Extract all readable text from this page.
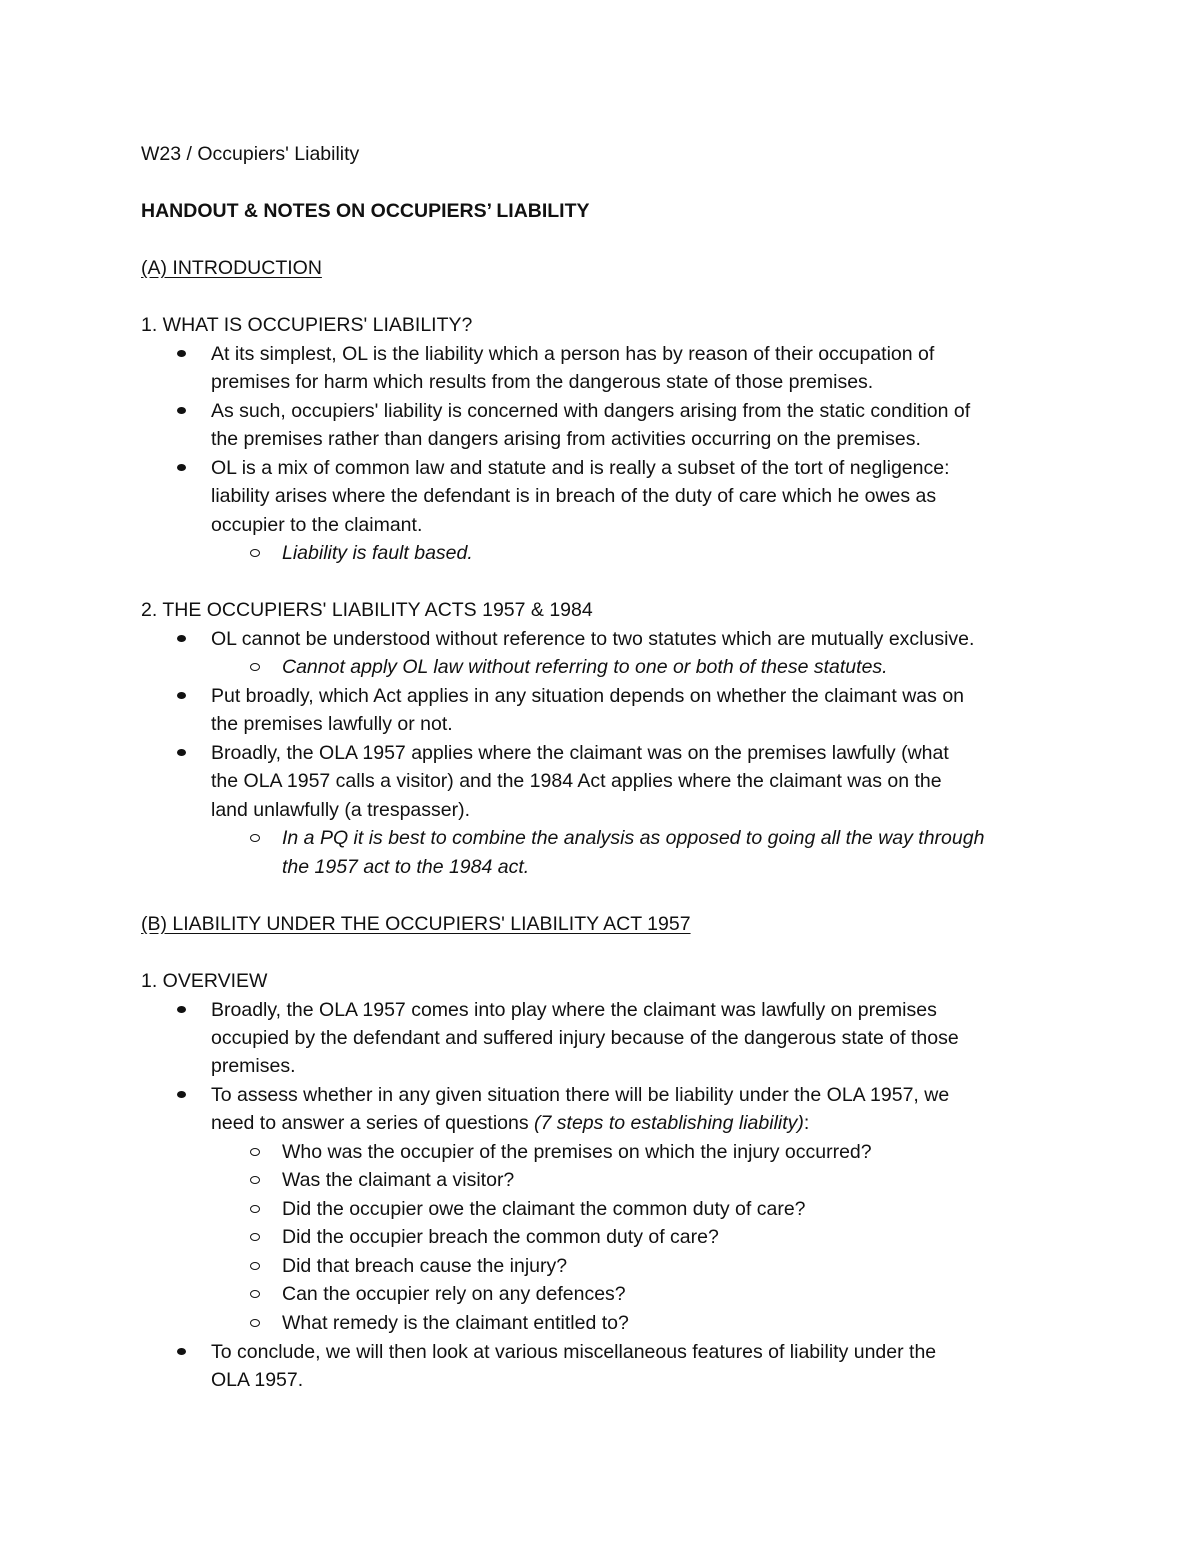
W23 / Occupiers' Liability

HANDOUT & NOTES ON OCCUPIERS’ LIABILITY

(A) INTRODUCTION

1. WHAT IS OCCUPIERS' LIABILITY?

At its simplest, OL is the liability which a person has by reason of their occupation of

premises for harm which results from the dangerous state of those premises.

As such, occupiers' liability is concerned with dangers arising from the static condition of

the premises rather than dangers arising from activities occurring on the premises.

OL is a mix of common law and statute and is really a subset of the tort of negligence:

liability arises where the defendant is in breach of the duty of care which he owes as

occupier to the claimant.

Liability is fault based.

2. THE OCCUPIERS' LIABILITY ACTS 1957 & 1984

OL cannot be understood without reference to two statutes which are mutually exclusive.

Cannot apply OL law without referring to one or both of these statutes.

Put broadly, which Act applies in any situation depends on whether the claimant was on

the premises lawfully or not.

Broadly, the OLA 1957 applies where the claimant was on the premises lawfully (what

the OLA 1957 calls a visitor) and the 1984 Act applies where the claimant was on the

land unlawfully (a trespasser).

In a PQ it is best to combine the analysis as opposed to going all the way through

the 1957 act to the 1984 act.

(B) LIABILITY UNDER THE OCCUPIERS' LIABILITY ACT 1957

1. OVERVIEW

Broadly, the OLA 1957 comes into play where the claimant was lawfully on premises

occupied by the defendant and suffered injury because of the dangerous state of those

premises.

To assess whether in any given situation there will be liability under the OLA 1957, we

need to answer a series of questions (7 steps to establishing liability):

Who was the occupier of the premises on which the injury occurred?

Was the claimant a visitor?

Did the occupier owe the claimant the common duty of care?

Did the occupier breach the common duty of care?

Did that breach cause the injury?

Can the occupier rely on any defences?

What remedy is the claimant entitled to?

To conclude, we will then look at various miscellaneous features of liability under the

OLA 1957.
